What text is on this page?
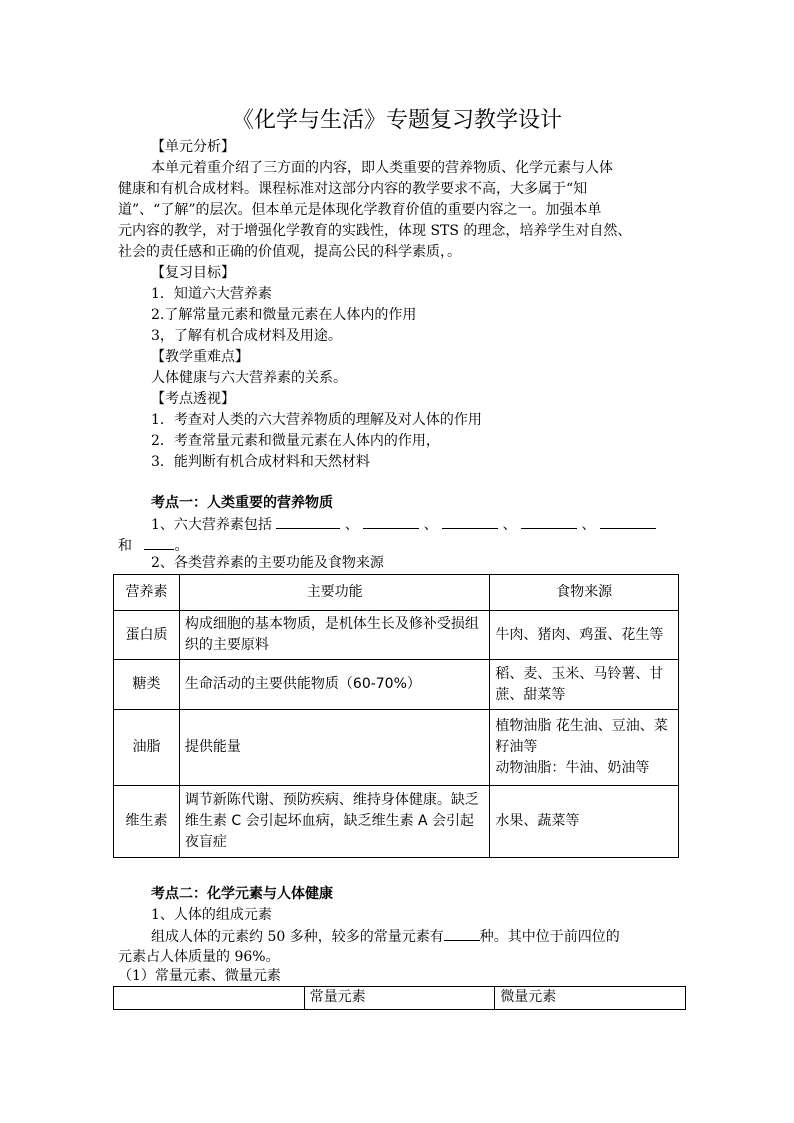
《化学与生活》专题复习教学设计
【单元分析】
本单元着重介绍了三方面的内容，即人类重要的营养物质、化学元素与人体
健康和有机合成材料。课程标准对这部分内容的教学要求不高，大多属于“知
道”、“了解”的层次。但本单元是体现化学教育价值的重要内容之一。加强本单
元内容的教学，对于增强化学教育的实践性，体现 STS 的理念，培养学生对自然、
社会的责任感和正确的价值观，提高公民的科学素质，。
【复习目标】
1．知道六大营养素
2.了解常量元素和微量元素在人体内的作用
3，了解有机合成材料及用途。
【教学重难点】
人体健康与六大营养素的关系。
【考点透视】
1．考查对人类的六大营养物质的理解及对人体的作用
2．考查常量元素和微量元素在人体内的作用，
3．能判断有机合成材料和天然材料
考点一：人类重要的营养物质
1、六大营养素包括	、	、	、	、
和	。
2、各类营养素的主要功能及食物来源
营养素	主要功能	食物来源
蛋白质	构成细胞的基本物质，是机体生长及修补受损组织的主要原料	牛肉、猪肉、鸡蛋、花生等
糖类	生命活动的主要供能物质（60-70%）	稻、麦、玉米、马铃薯、甘蔗、甜菜等
油脂	提供能量	植物油脂 花生油、豆油、菜籽油等
动物油脂：牛油、奶油等

维生素	调节新陈代谢、预防疾病、维持身体健康。缺乏维生素 C 会引起坏血病，缺乏维生素 A 会引起夜盲症	水果、蔬菜等
考点二：化学元素与人体健康
1、人体的组成元素
组成人体的元素约 50 多种，较多的常量元素有	种。其中位于前四位的
元素占人体质量的 96%。
（1）常量元素、微量元素
	常量元素	微量元素
